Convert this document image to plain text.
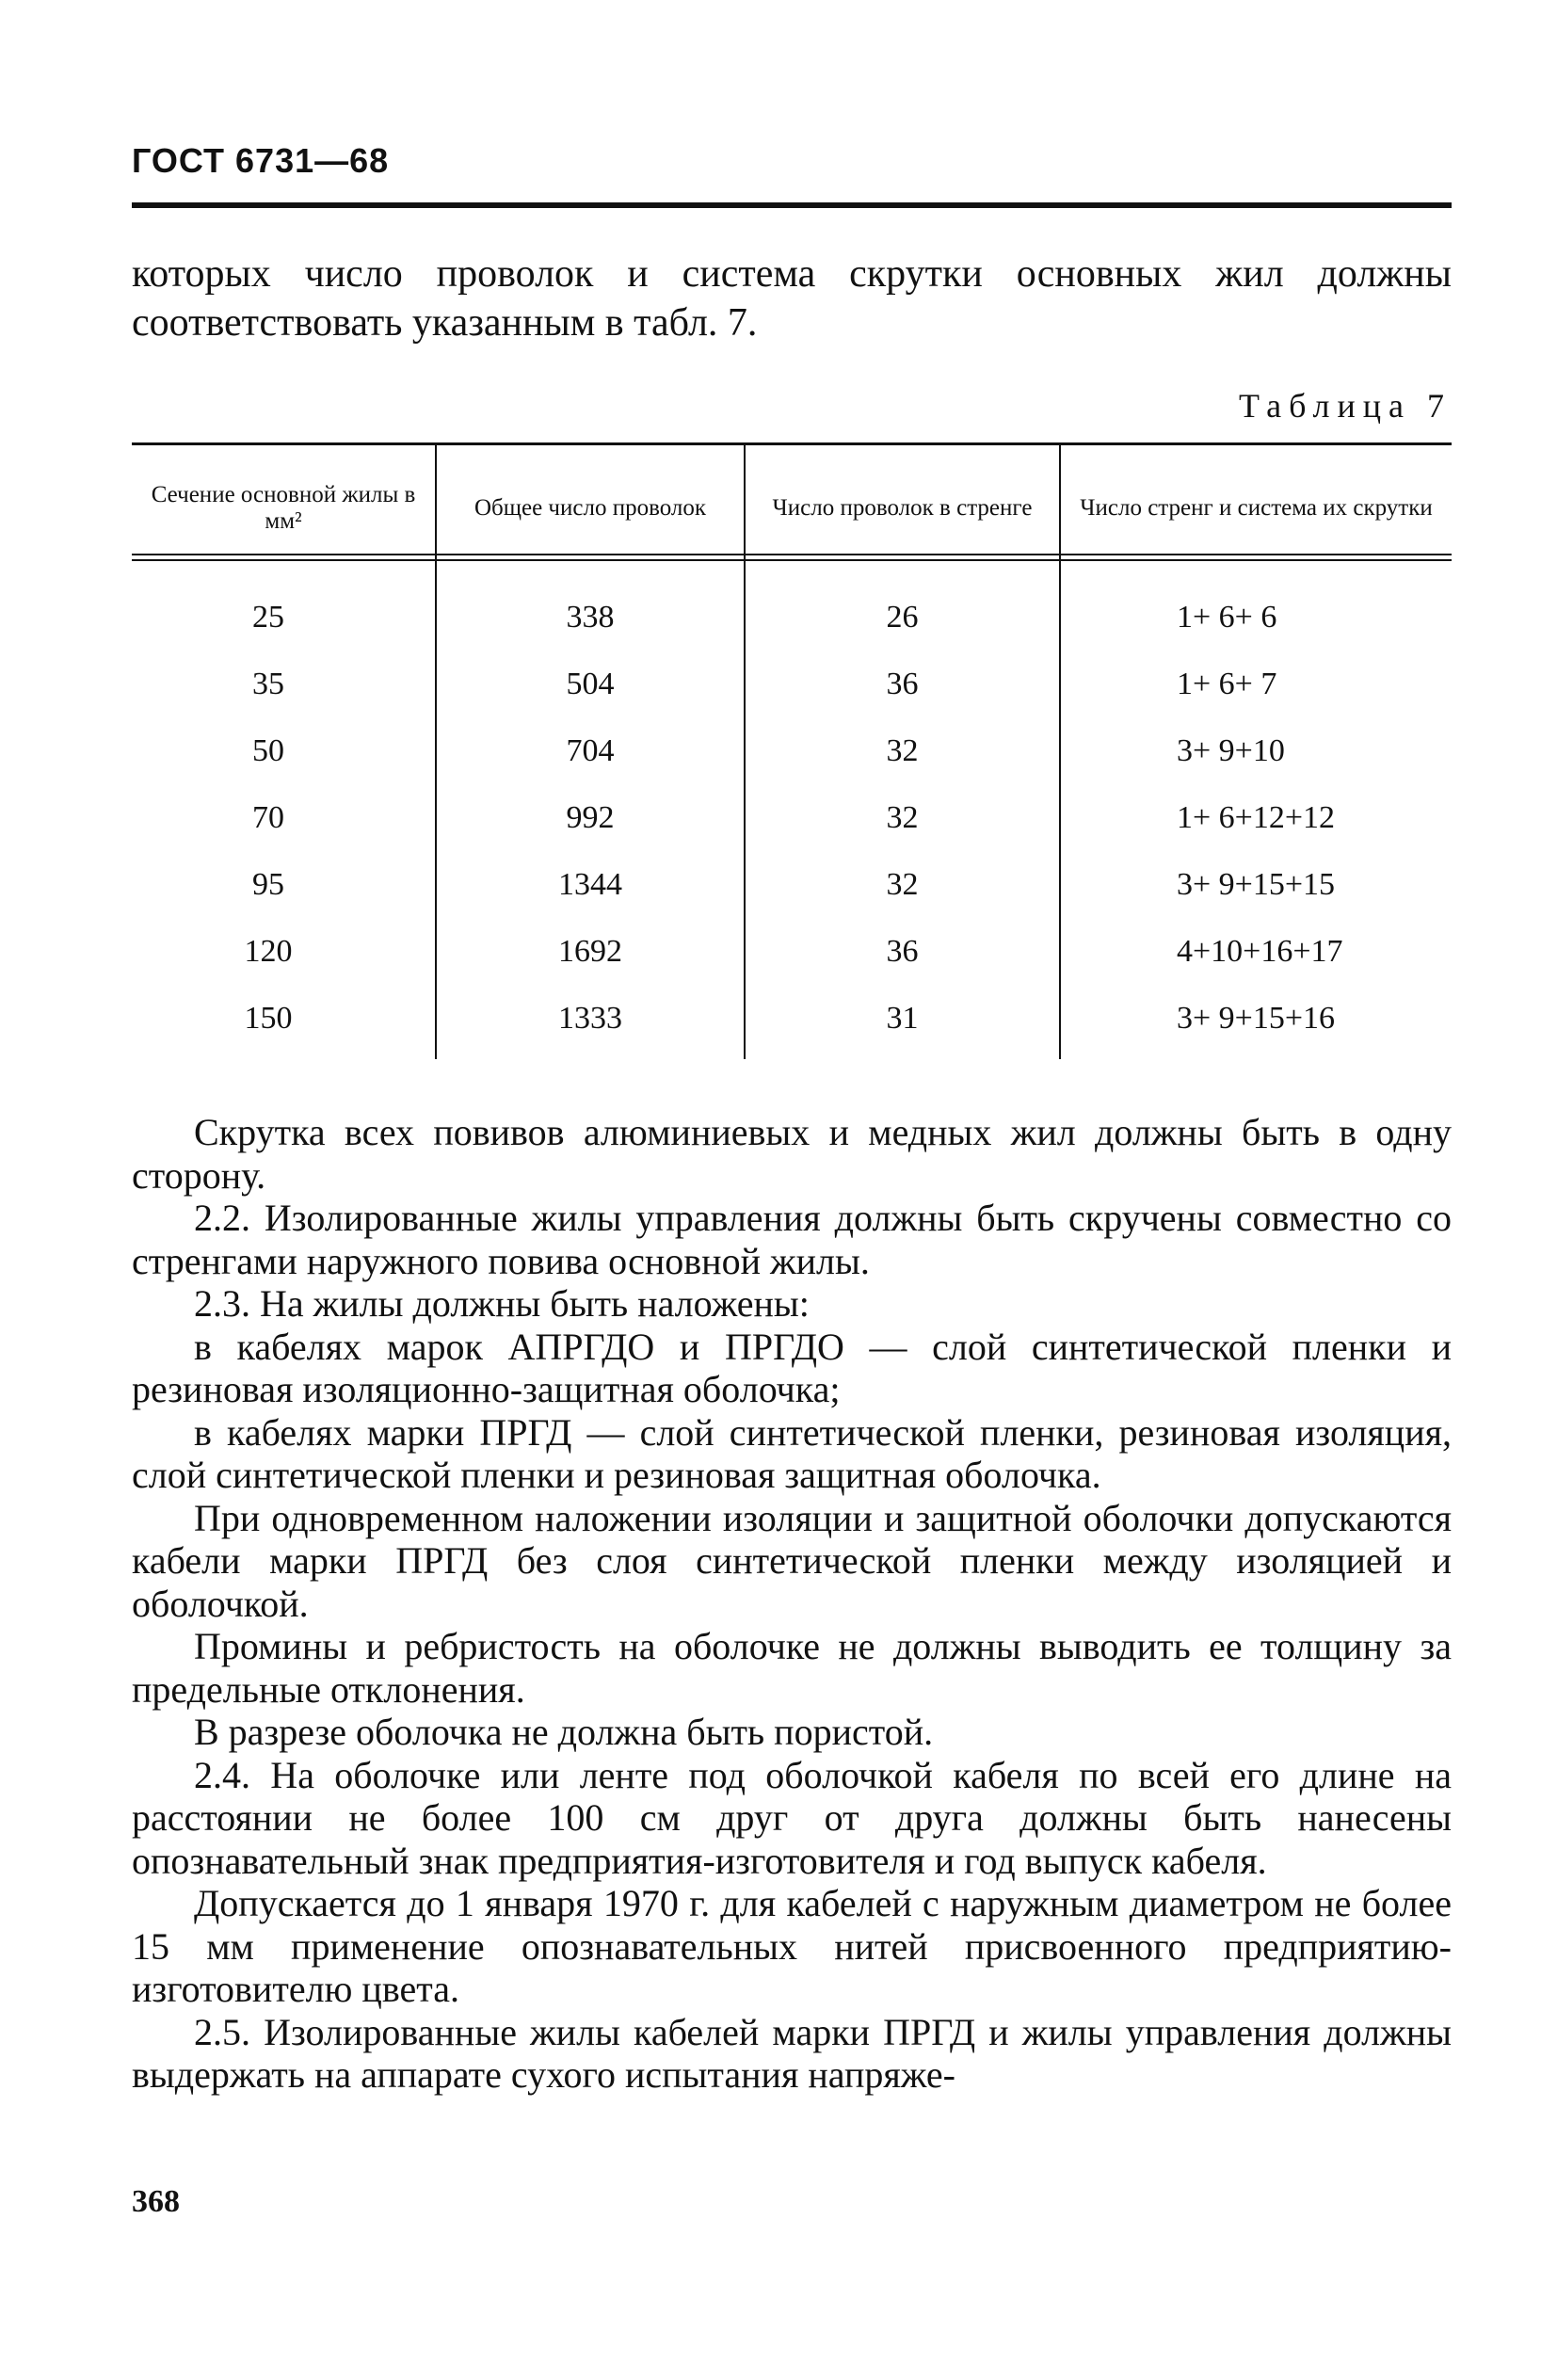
ГОСТ 6731—68

которых число проволок и система скрутки основных жил должны соответствовать указанным в табл. 7.

Таблица 7
Сечение основной жилы в мм²
Общее число проволок	Число проволок в стренге Число стренг и система их скрутки
25
35
50
70
95
120
150
338
504
704
992
1344
1692
1333
26
36
32
32
32
36
31
1+ 6+ 6
1+ 6+ 7
3+ 9+10
1+ 6+12+12
3+ 9+15+15
4+10+16+17
3+ 9+15+16

Скрутка всех повивов алюминиевых и медных жил должны быть в одну сторону.

2.2. Изолированные жилы управления должны быть скручены совместно со стренгами наружного повива основной жилы.

2.3. На жилы должны быть наложены:

в кабелях марок АПРГДО и ПРГДО — слой синтетической пленки и резиновая изоляционно-защитная оболочка;

в кабелях марки ПРГД — слой синтетической пленки, резиновая изоляция, слой синтетической пленки и резиновая защитная оболочка.

При одновременном наложении изоляции и защитной оболочки допускаются кабели марки ПРГД без слоя синтетической пленки между изоляцией и оболочкой.

Промины и ребристость на оболочке не должны выводить ее толщину за предельные отклонения.

В разрезе оболочка не должна быть пористой.

2.4. На оболочке или ленте под оболочкой кабеля по всей его длине на расстоянии не более 100 см друг от друга должны быть нанесены опознавательный знак предприятия-изготовителя и год выпуск кабеля.

Допускается до 1 января 1970 г. для кабелей с наружным диаметром не более 15 мм применение опознавательных нитей присвоенного предприятию-изготовителю цвета.

2.5. Изолированные жилы кабелей марки ПРГД и жилы управления должны выдержать на аппарате сухого испытания напряже-

368
